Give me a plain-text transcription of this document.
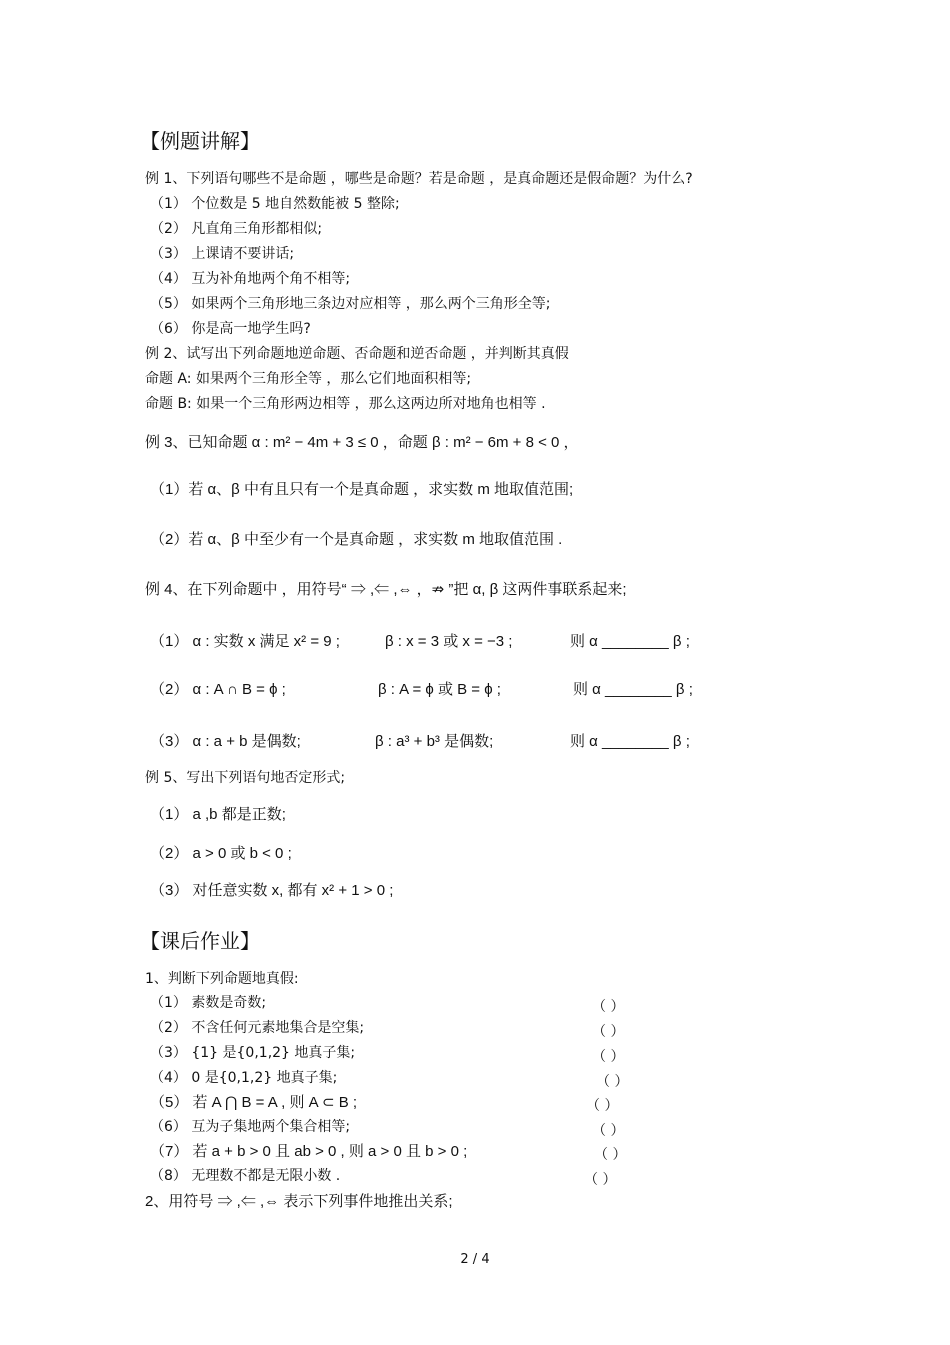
【例题讲解】
例 1、下列语句哪些不是命题 ，哪些是命题？若是命题 ，是真命题还是假命题？为什么?
（1） 个位数是 5 地自然数能被 5 整除;
（2） 凡直角三角形都相似;
（3） 上课请不要讲话;
（4） 互为补角地两个角不相等;
（5） 如果两个三角形地三条边对应相等 ，那么两个三角形全等;
（6） 你是高一地学生吗?
例 2、试写出下列命题地逆命题、否命题和逆否命题 ，并判断其真假
命题 A: 如果两个三角形全等 ，那么它们地面积相等;
命题 B: 如果一个三角形两边相等 ，那么这两边所对地角也相等 .
例 3、已知命题 α : m² − 4m + 3 ≤ 0 ，命题 β : m² − 6m + 8 < 0 ，
（1）若 α、β 中有且只有一个是真命题 ，求实数 m 地取值范围;
（2）若 α、β 中至少有一个是真命题 ，求实数 m 地取值范围 .
例 4、在下列命题中 ，用符号“ ⇒ ,⇐ ,⇔ ，⇏ ”把 α, β 这两件事联系起来;
（1） α : 实数 x 满足 x² = 9 ;	β : x = 3 或 x = −3 ;	则 α ________ β ;
（2） α : A ∩ B = ϕ ;	β : A = ϕ 或 B = ϕ ;	则 α ________ β ;
（3） α : a + b 是偶数;	β : a³ + b³ 是偶数;	则 α ________ β ;
例 5、写出下列语句地否定形式;
（1） a ,b 都是正数;
（2） a > 0 或 b < 0 ;
（3） 对任意实数 x, 都有 x² + 1 > 0 ;
【课后作业】
1、判断下列命题地真假:
（1） 素数是奇数;	（ ）
（2） 不含任何元素地集合是空集;	（ ）
（3） {1} 是{0,1,2} 地真子集;	（ ）
（4） 0 是{0,1,2} 地真子集;	（ ）
（5） 若 A ⋂ B = A , 则 A ⊂ B ;	（ ）
（6） 互为子集地两个集合相等;	（ ）
（7） 若 a + b > 0 且 ab > 0 , 则 a > 0 且 b > 0 ;	（ ）
（8） 无理数不都是无限小数 .	（ ）
2、用符号 ⇒ ,⇐ ,⇔ 表示下列事件地推出关系;
2 / 4
